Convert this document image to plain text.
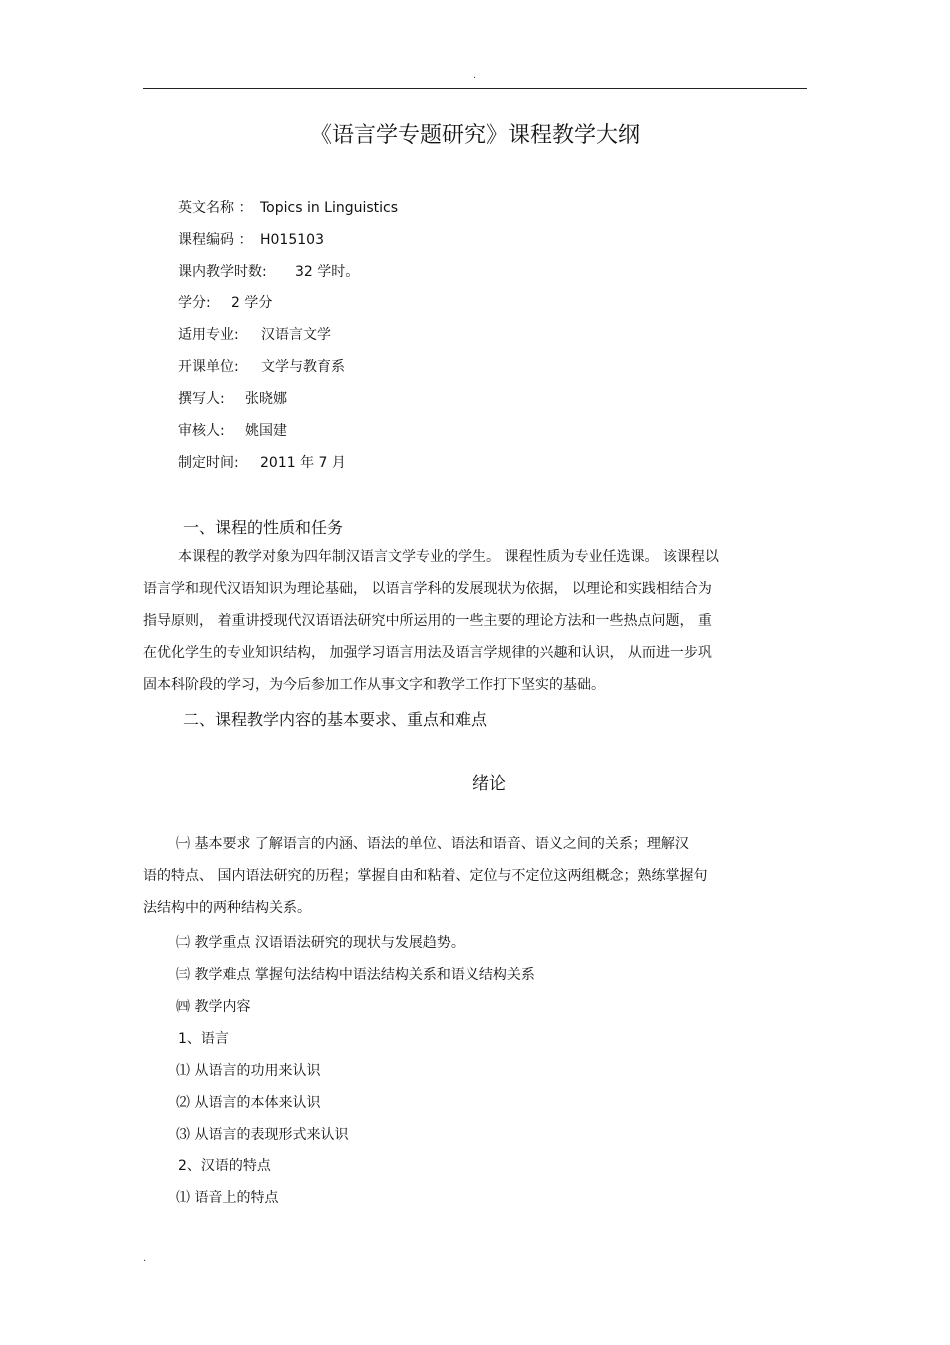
.
《语言学专题研究》课程教学大纲
英文名称 ： Topics in Linguistics
课程编码 ： H015103
课内教学时数: 32 学时。
学分: 2 学分
适用专业: 汉语言文学
开课单位: 文学与教育系
撰写人: 张晓娜
审核人: 姚国建
制定时间: 2011 年 7 月
一、课程的性质和任务
本课程的教学对象为四年制汉语言文学专业的学生。 课程性质为专业任选课。 该课程以
语言学和现代汉语知识为理论基础， 以语言学科的发展现状为依据， 以理论和实践相结合为
指导原则， 着重讲授现代汉语语法研究中所运用的一些主要的理论方法和一些热点问题， 重
在优化学生的专业知识结构， 加强学习语言用法及语言学规律的兴趣和认识， 从而进一步巩
固本科阶段的学习，为今后参加工作从事文字和教学工作打下坚实的基础。
二、课程教学内容的基本要求、重点和难点
绪论
㈠ 基本要求 了解语言的内涵、语法的单位、语法和语音、语义之间的关系；理解汉
语的特点、 国内语法研究的历程；掌握自由和粘着、定位与不定位这两组概念；熟练掌握句
法结构中的两种结构关系。
㈡ 教学重点 汉语语法研究的现状与发展趋势。
㈢ 教学难点 掌握句法结构中语法结构关系和语义结构关系
㈣ 教学内容
1、语言
⑴ 从语言的功用来认识
⑵ 从语言的本体来认识
⑶ 从语言的表现形式来认识
2、汉语的特点
⑴ 语音上的特点
.
